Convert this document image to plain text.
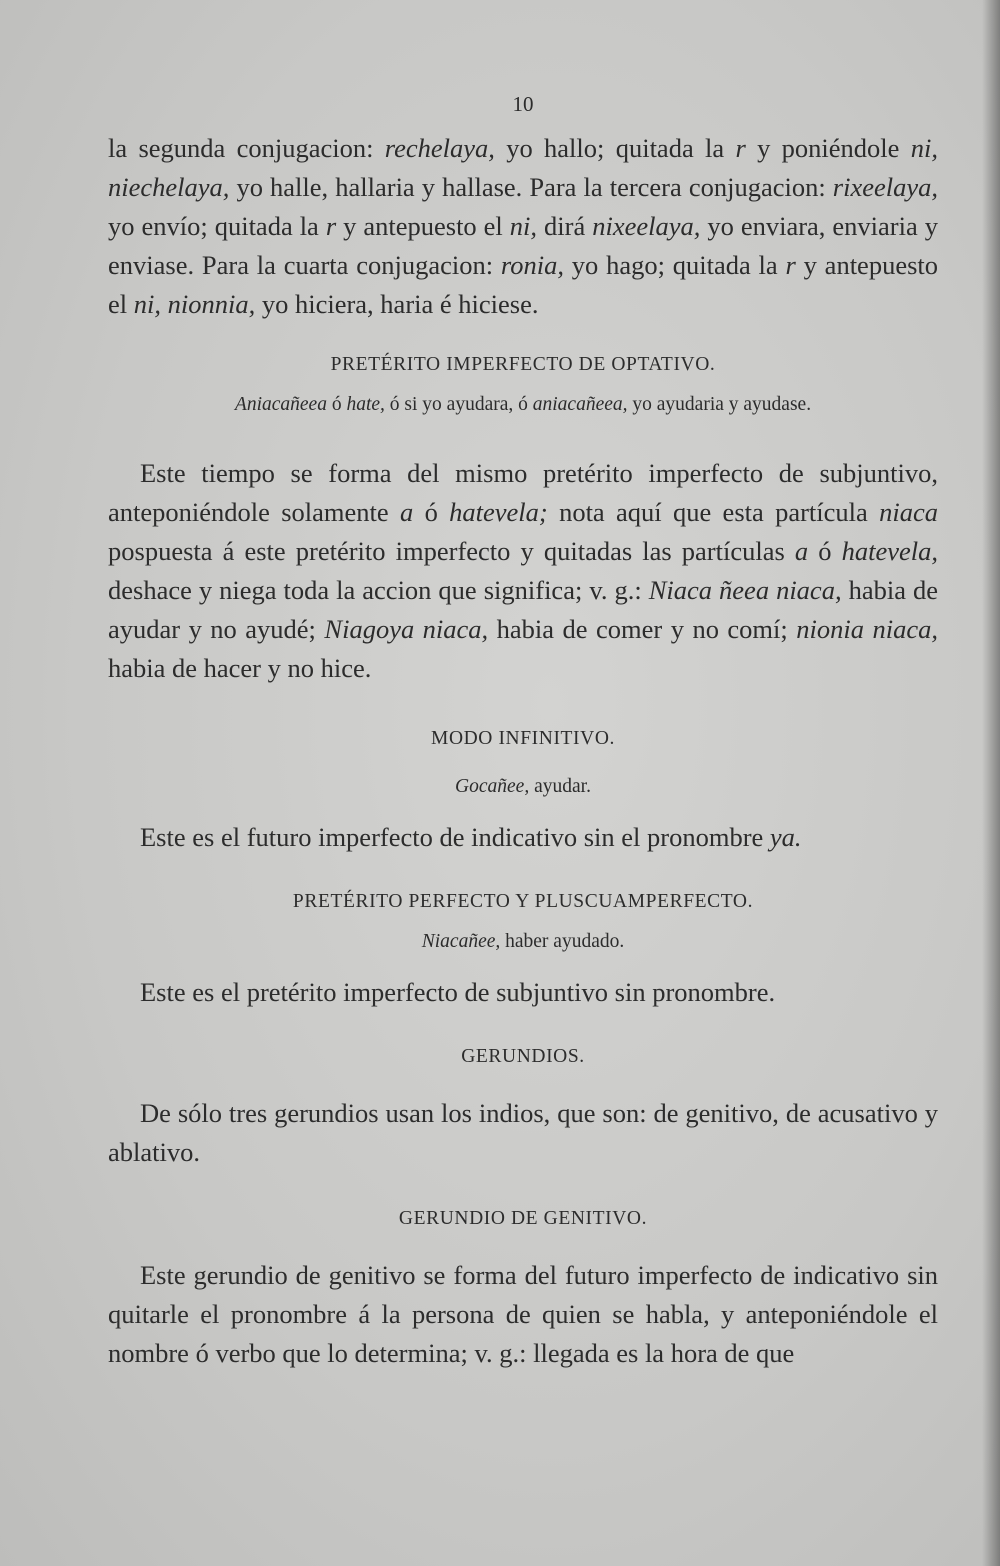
10

la segunda conjugacion: rechelaya, yo hallo; quitada la r y poniéndole ni, niechelaya, yo halle, hallaria y hallase. Para la tercera conjugacion: rixeelaya, yo envío; quitada la r y antepuesto el ni, dirá nixeelaya, yo enviara, enviaria y enviase. Para la cuarta conjugacion: ronia, yo hago; quitada la r y antepuesto el ni, nionnia, yo hiciera, haria é hiciese.

PRETÉRITO IMPERFECTO DE OPTATIVO.

Aniacañeea ó hate, ó si yo ayudara, ó aniacañeea, yo ayudaria y ayudase.

Este tiempo se forma del mismo pretérito imperfecto de subjuntivo, anteponiéndole solamente a ó hatevela; nota aquí que esta partícula niaca pospuesta á este pretérito imperfecto y quitadas las partículas a ó hatevela, deshace y niega toda la accion que significa; v. g.: Niaca ñeea niaca, habia de ayudar y no ayudé; Niagoya niaca, habia de comer y no comí; nionia niaca, habia de hacer y no hice.

MODO INFINITIVO.

Gocañee, ayudar.

Este es el futuro imperfecto de indicativo sin el pronombre ya.

PRETÉRITO PERFECTO Y PLUSCUAMPERFECTO.

Niacañee, haber ayudado.

Este es el pretérito imperfecto de subjuntivo sin pronombre.

GERUNDIOS.

De sólo tres gerundios usan los indios, que son: de genitivo, de acusativo y ablativo.

GERUNDIO DE GENITIVO.

Este gerundio de genitivo se forma del futuro imperfecto de indicativo sin quitarle el pronombre á la persona de quien se habla, y anteponiéndole el nombre ó verbo que lo determina; v. g.: llegada es la hora de que
